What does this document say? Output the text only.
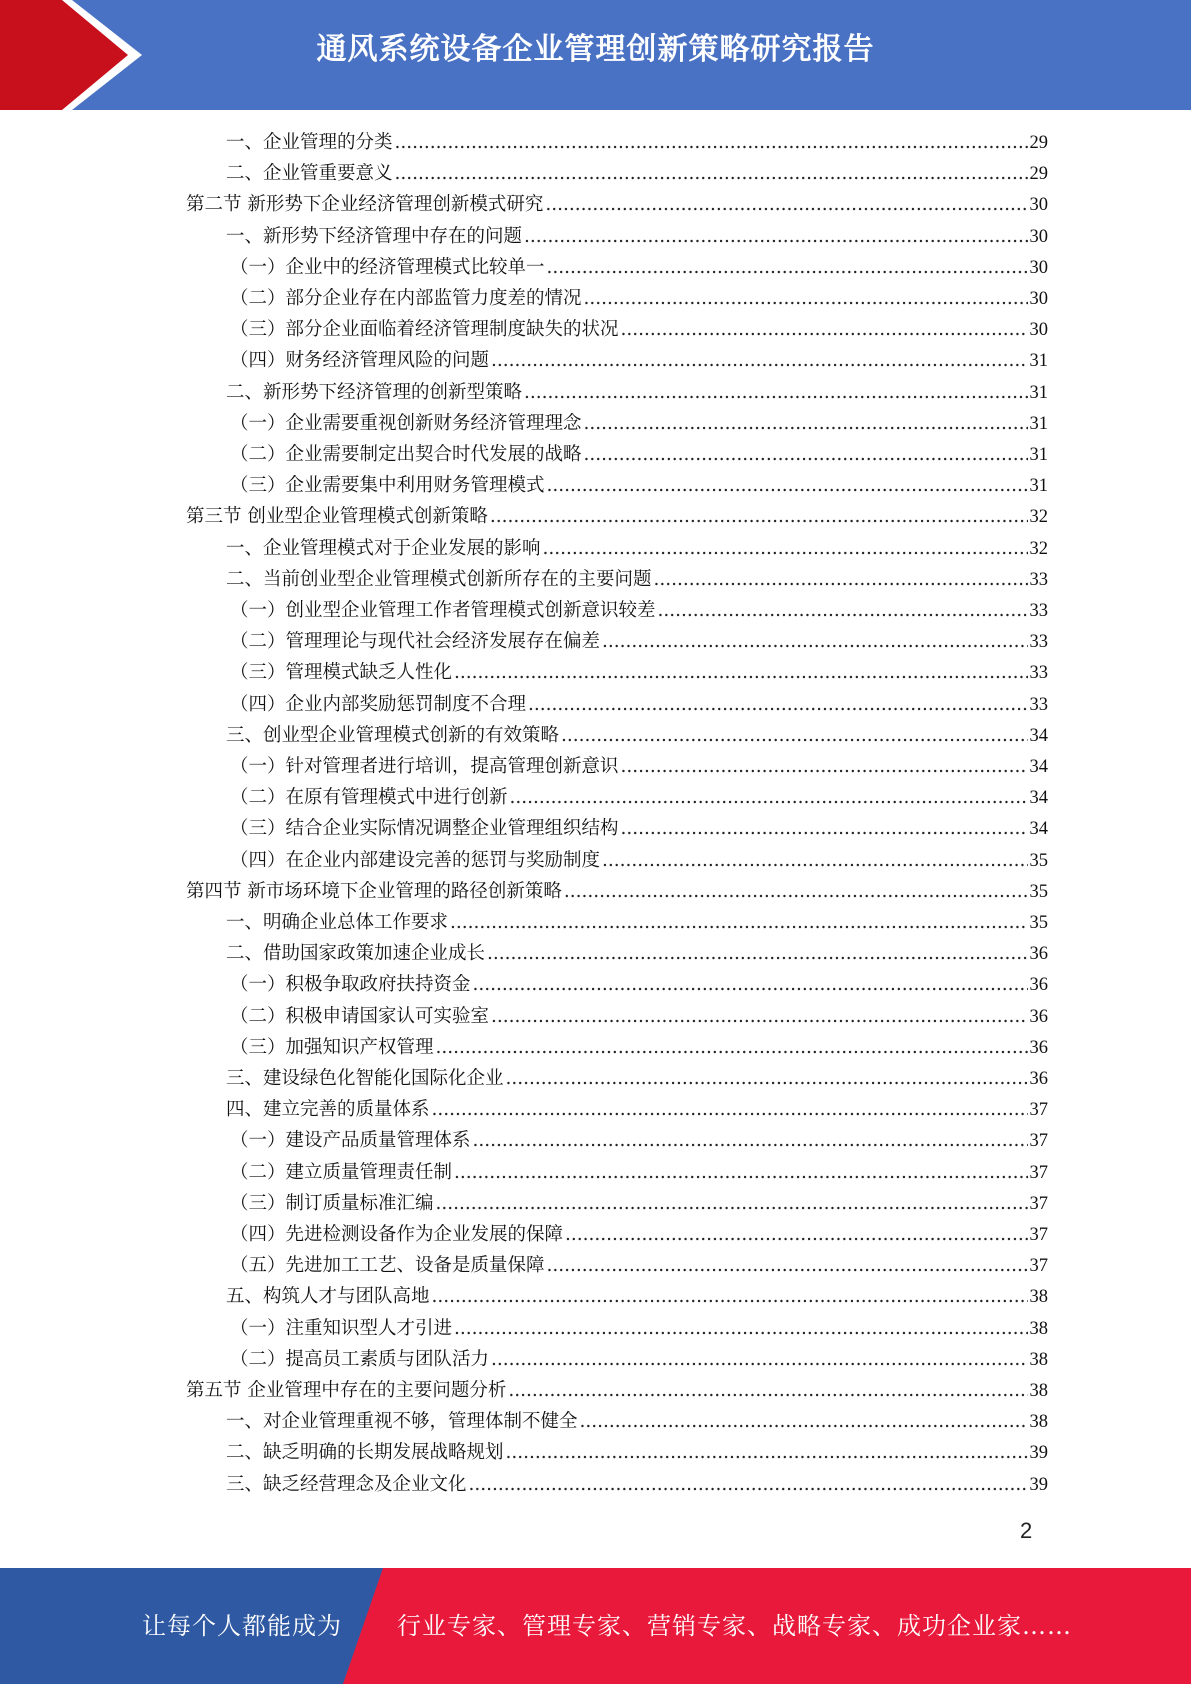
通风系统设备企业管理创新策略研究报告
一、企业管理的分类 .....	29
二、企业管重要意义 .....	29
第二节 新形势下企业经济管理创新模式研究 .....	30
一、新形势下经济管理中存在的问题 .....	30
（一）企业中的经济管理模式比较单一 .....	30
（二）部分企业存在内部监管力度差的情况 .....	30
（三）部分企业面临着经济管理制度缺失的状况 .....	30
（四）财务经济管理风险的问题 .....	31
二、新形势下经济管理的创新型策略 .....	31
（一）企业需要重视创新财务经济管理理念 .....	31
（二）企业需要制定出契合时代发展的战略 .....	31
（三）企业需要集中利用财务管理模式 .....	31
第三节 创业型企业管理模式创新策略 .....	32
一、企业管理模式对于企业发展的影响 .....	32
二、当前创业型企业管理模式创新所存在的主要问题 .....	33
（一）创业型企业管理工作者管理模式创新意识较差 .....	33
（二）管理理论与现代社会经济发展存在偏差 .....	33
（三）管理模式缺乏人性化 .....	33
（四）企业内部奖励惩罚制度不合理 .....	33
三、创业型企业管理模式创新的有效策略 .....	34
（一）针对管理者进行培训，提高管理创新意识 .....	34
（二）在原有管理模式中进行创新 .....	34
（三）结合企业实际情况调整企业管理组织结构 .....	34
（四）在企业内部建设完善的惩罚与奖励制度 .....	35
第四节 新市场环境下企业管理的路径创新策略 .....	35
一、明确企业总体工作要求 .....	35
二、借助国家政策加速企业成长 .....	36
（一）积极争取政府扶持资金 .....	36
（二）积极申请国家认可实验室 .....	36
（三）加强知识产权管理 .....	36
三、建设绿色化智能化国际化企业 .....	36
四、建立完善的质量体系 .....	37
（一）建设产品质量管理体系 .....	37
（二）建立质量管理责任制 .....	37
（三）制订质量标准汇编 .....	37
（四）先进检测设备作为企业发展的保障 .....	37
（五）先进加工工艺、设备是质量保障 .....	37
五、构筑人才与团队高地 .....	38
（一）注重知识型人才引进 .....	38
（二）提高员工素质与团队活力 .....	38
第五节 企业管理中存在的主要问题分析 .....	38
一、对企业管理重视不够，管理体制不健全 .....	38
二、缺乏明确的长期发展战略规划 .....	39
三、缺乏经营理念及企业文化 .....	39
2
让每个人都能成为 行业专家、管理专家、营销专家、战略专家、成功企业家……
